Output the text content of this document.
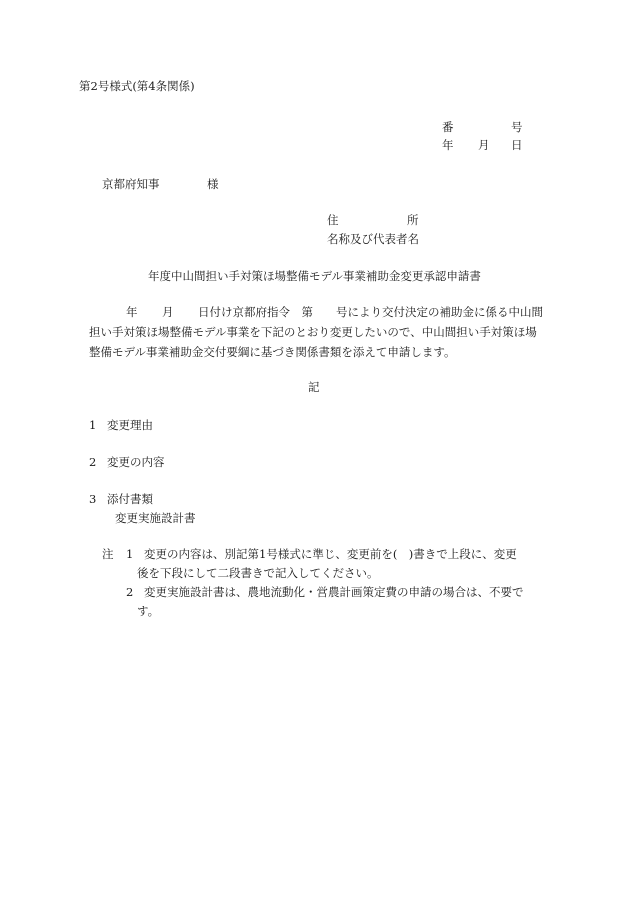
第2号様式(第4条関係)
番	号
年 月 日
京都府知事	様
住	所
名称及び代表者名
年度中山間担い手対策ほ場整備モデル事業補助金変更承認申請書
年 月 日付け京都府指令　第　　号により交付決定の補助金に係る中山間
担い手対策ほ場整備モデル事業を下記のとおり変更したいので、中山間担い手対策ほ場
整備モデル事業補助金交付要綱に基づき関係書類を添えて申請します。
記
1 変更理由
2 変更の内容
3 添付書類
変更実施設計書
注 1 変更の内容は、別記第1号様式に準じ、変更前を(　)書きで上段に、変更
後を下段にして二段書きで記入してください。
2 変更実施設計書は、農地流動化・営農計画策定費の申請の場合は、不要で
す。
